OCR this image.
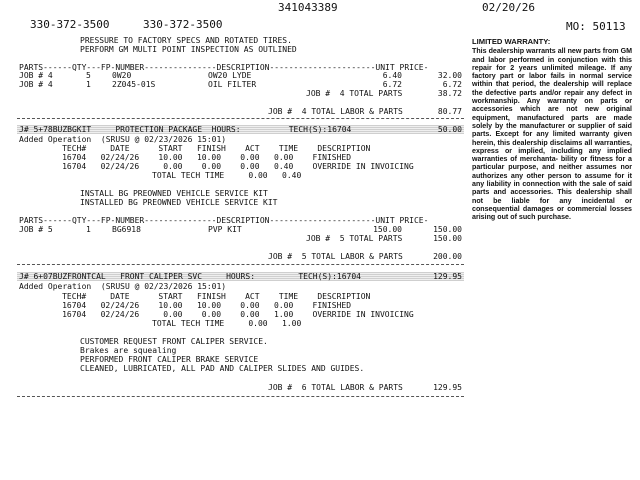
341043389	02/20/26
330-372-3500	330-372-3500	MO: 50113
PRESSURE TO FACTORY SPECS AND ROTATED TIRES.
PERFORM GM MULTI POINT INSPECTION AS OUTLINED
PARTS------QTY---FP-NUMBER---------------DESCRIPTION----------------------UNIT PRICE-
JOB # 4	5	0W20	OW20 LYDE	6.40	32.00
JOB # 4	1	2Z045-01S	OIL FILTER	6.72	6.72
JOB #  4 TOTAL PARTS	38.72
JOB #  4 TOTAL LABOR & PARTS	80.77
J# 5+78BUZBGKIT     PROTECTION PACKAGE  HOURS:          TECH(S):16704	50.00
Added Operation  (SRUSU @ 02/23/2026 15:01)
TECH#     DATE      START   FINISH    ACT    TIME    DESCRIPTION
16704   02/24/26    10.00   10.00    0.00   0.00    FINISHED
16704   02/24/26     0.00    0.00    0.00   0.40    OVERRIDE IN INVOICING
TOTAL TECH TIME     0.00   0.40
INSTALL BG PREOWNED VEHICLE SERVICE KIT
INSTALLED BG PREOWNED VEHICLE SERVICE KIT
PARTS------QTY---FP-NUMBER---------------DESCRIPTION----------------------UNIT PRICE-
JOB # 5	1	BG6918	PVP KIT	150.00	150.00
JOB #  5 TOTAL PARTS	150.00
JOB #  5 TOTAL LABOR & PARTS	200.00
J# 6+07BUZFRONTCAL   FRONT CALIPER SVC     HOURS:         TECH(S):16704	129.95
Added Operation  (SRUSU @ 02/23/2026 15:01)
TECH#     DATE      START   FINISH    ACT    TIME    DESCRIPTION
16704   02/24/26    10.00   10.00    0.00   0.00    FINISHED
16704   02/24/26     0.00    0.00    0.00   1.00    OVERRIDE IN INVOICING
TOTAL TECH TIME     0.00   1.00
CUSTOMER REQUEST FRONT CALIPER SERVICE.
Brakes are squealing
PERFORMED FRONT CALIPER BRAKE SERVICE
CLEANED, LUBRICATED, ALL PAD AND CALIPER SLIDES AND GUIDES.
JOB #  6 TOTAL LABOR & PARTS	129.95
LIMITED WARRANTY:
This dealership warrants all new parts from GM and labor performed in conjunction with this repair for 2 years unlimited mileage. If any factory part or labor fails in normal service within that period, the dealership will replace the defective parts and/or repair any defect in workmanship. Any warranty on parts or accessories which are not new original equipment, manufactured parts are made solely by the manufacturer or supplier of said parts. Except for any limited warranty given herein, this dealership disclaims all warranties, express or implied, including any implied warranties of merchanta- bility or fitness for a particular purpose, and neither assumes nor authorizes any other person to assume for it any liability in connection with the sale of said parts and accessories. This dealership shall not be liable for any incidental or consequential damages or commercial losses arising out of such purchase.
